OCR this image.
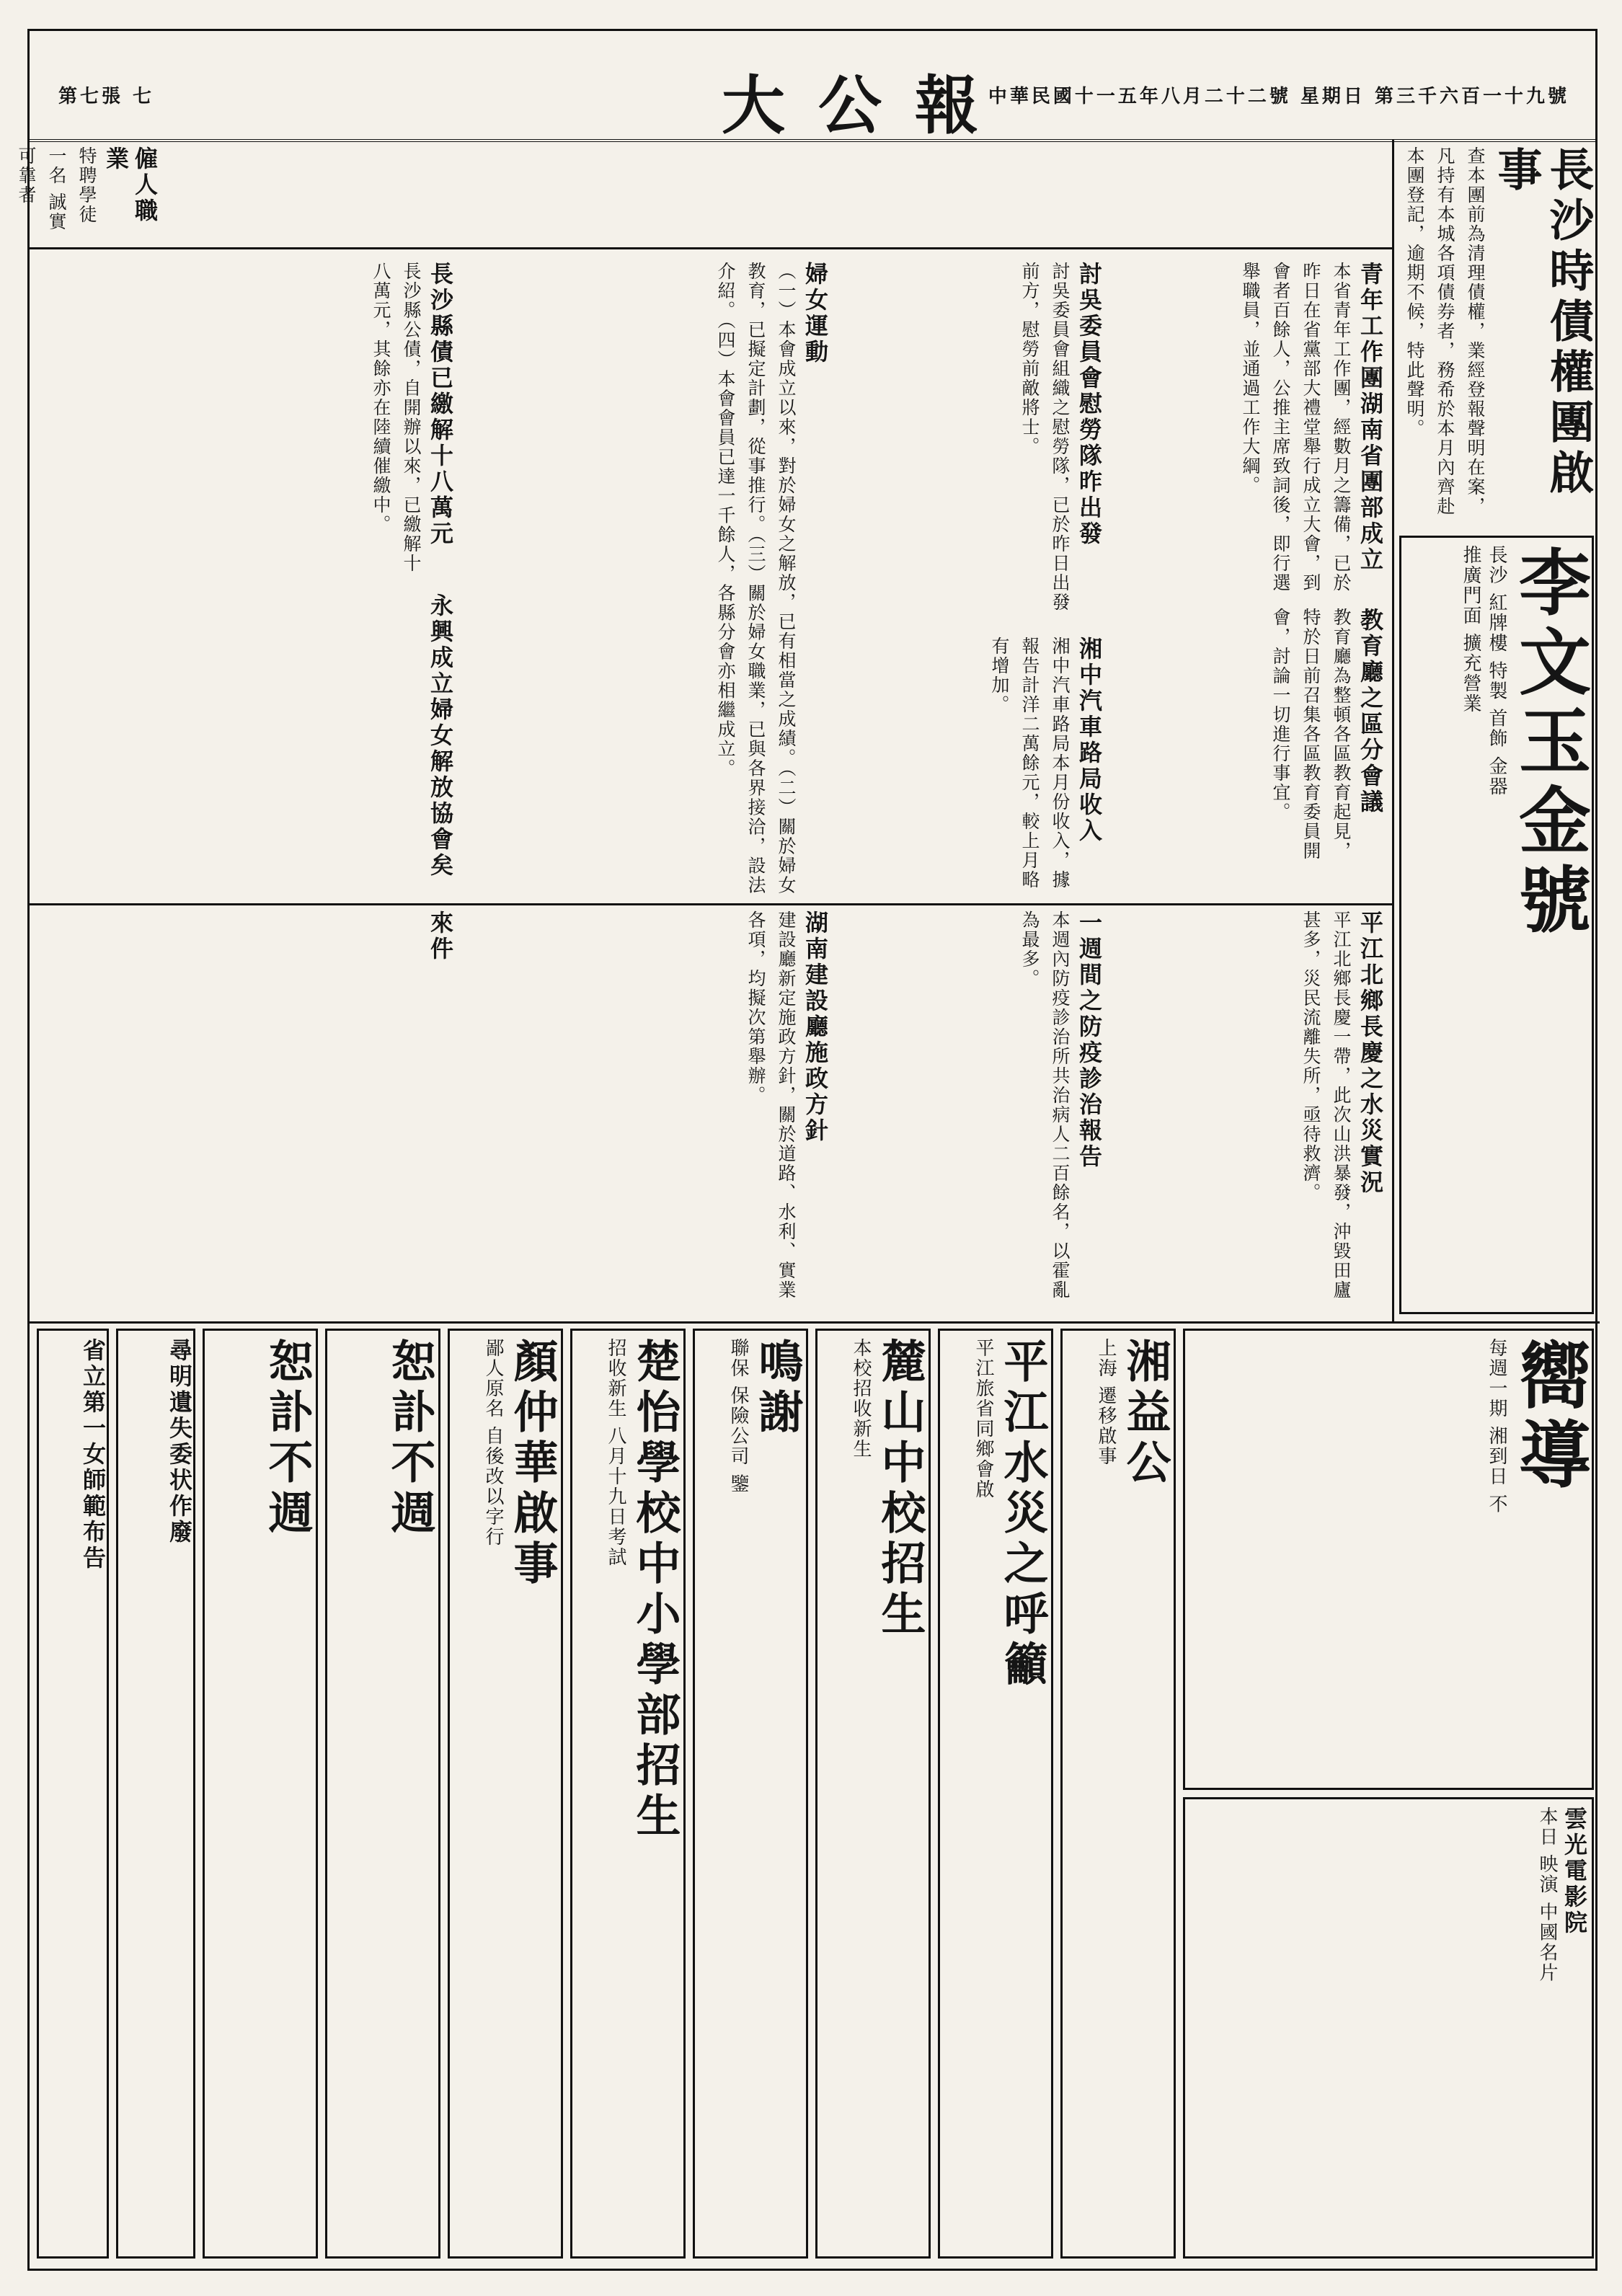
第七張 七	大公報
中華民國十一五年八月二十二號 星期日 第三千六百一十九號
長沙時債權團啟事
查本團前為清理債權，業經登報聲明在案，凡持有本城各項債券者，務希於本月內齊赴本團登記，逾期不候，特此聲明。
僱人職業
特聘學徒一名 誠實可靠者
青年工作團湖南省團部成立
本省青年工作團，經數月之籌備，已於昨日在省黨部大禮堂舉行成立大會，到會者百餘人，公推主席致詞後，即行選舉職員，並通過工作大綱。
教育廳之區分會議
教育廳為整頓各區教育起見，特於日前召集各區教育委員開會，討論一切進行事宜。
討吳委員會慰勞隊昨出發
討吳委員會組織之慰勞隊，已於昨日出發前方，慰勞前敵將士。
婦女運動
（一）本會成立以來，對於婦女之解放，已有相當之成績。（二）關於婦女教育，已擬定計劃，從事推行。（三）關於婦女職業，已與各界接洽，設法介紹。（四）本會會員已達一千餘人，各縣分會亦相繼成立。
長沙縣債已繳解十八萬元
長沙縣公債，自開辦以來，已繳解十八萬元，其餘亦在陸續催繳中。
永興成立婦女解放協會矣	湘中汽車路局收入
湘中汽車路局本月份收入，據報告計洋二萬餘元，較上月略有增加。
平江北鄉長慶之水災實況
平江北鄉長慶一帶，此次山洪暴發，沖毀田廬甚多，災民流離失所，亟待救濟。
一週間之防疫診治報告
本週內防疫診治所共治病人二百餘名，以霍亂為最多。
湖南建設廳施政方針
建設廳新定施政方針，關於道路、水利、實業各項，均擬次第舉辦。
來件	李文玉金號
長沙 紅牌樓 特製 首飾 金器
推廣門面 擴充營業
嚮導
每週一期 湘到日 不
雲光電影院
本日 映演 中國名片
湘益公
上海 遷移啟事
平江水災之呼籲
平江旅省同鄉會啟
麓山中校招生
本校招收新生
鳴謝
聯保 保險公司 鑒
楚怡學校中小學部招生
招收新生 八月十九日考試
顏仲華啟事
鄙人原名 自後改以字行
恕訃不週
恕訃不週
尋明遺失委状作廢
省立第一女師範布告
